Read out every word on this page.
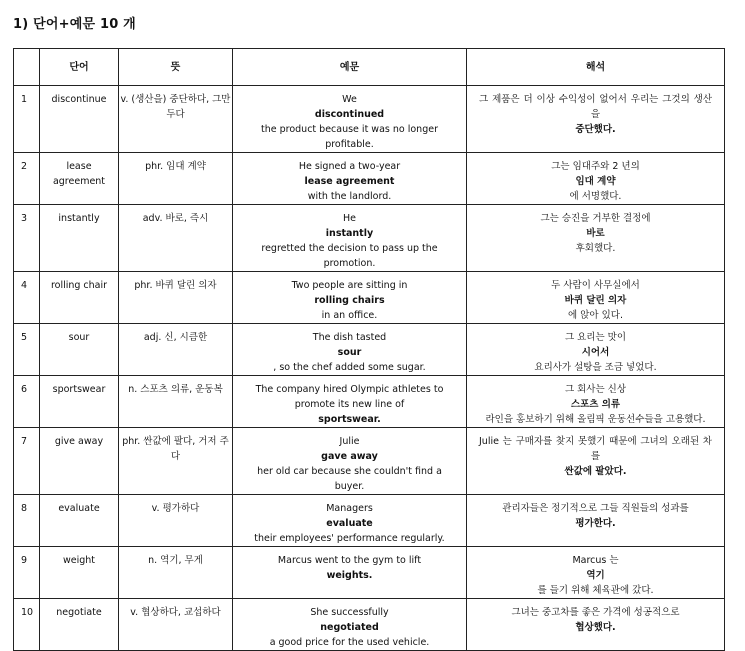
1) 단어+예문 10 개
	단어	뜻	예문	해석

1	discontinue	v. (생산을) 중단하다, 그만두다	We
discontinued
the product because it was no longer profitable.	그 제품은 더 이상 수익성이 없어서 우리는 그것의 생산을
중단했다.

2	lease agreement	phr. 임대 계약	He signed a two-year
lease agreement
with the landlord.	그는 임대주와 2 년의
임대 계약
에 서명했다.

3	instantly	adv. 바로, 즉시	He
instantly
regretted the decision to pass up the promotion.	그는 승진을 거부한 결정에
바로
후회했다.

4	rolling chair	phr. 바퀴 달린 의자	Two people are sitting in
rolling chairs
in an office.	두 사람이 사무실에서
바퀴 달린 의자
에 앉아 있다.

5	sour	adj. 신, 시큼한	The dish tasted
sour
, so the chef added some sugar.	그 요리는 맛이
시어서
요리사가 설탕을 조금 넣었다.

6	sportswear	n. 스포츠 의류, 운동복	The company hired Olympic athletes to promote its new line of
sportswear.	그 회사는 신상
스포츠 의류
라인을 홍보하기 위해 올림픽 운동선수들을 고용했다.

7	give away	phr. 싼값에 팔다, 거저 주다	Julie
gave away
her old car because she couldn't find a buyer.	Julie 는 구매자를 찾지 못했기 때문에 그녀의 오래된 차를
싼값에 팔았다.

8	evaluate	v. 평가하다	Managers
evaluate
their employees' performance regularly.	관리자들은 정기적으로 그들 직원들의 성과를
평가한다.

9	weight	n. 역기, 무게	Marcus went to the gym to lift
weights.	Marcus 는
역기
를 들기 위해 체육관에 갔다.

10	negotiate	v. 협상하다, 교섭하다	She successfully
negotiated
a good price for the used vehicle.	그녀는 중고차를 좋은 가격에 성공적으로
협상했다.
